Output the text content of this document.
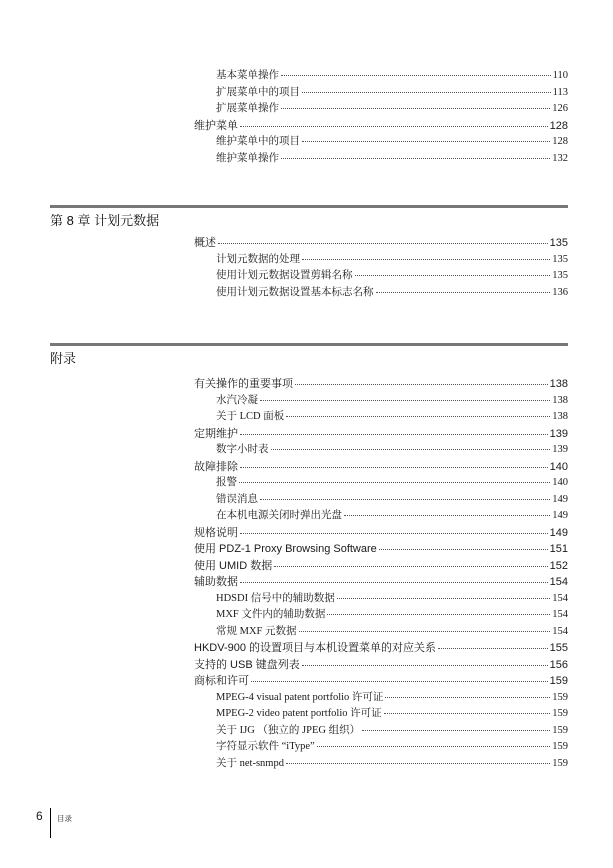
基本菜单操作	110
扩展菜单中的项目	113
扩展菜单操作	126
维护菜单	128
维护菜单中的项目	128
维护菜单操作	132
第 8 章 计划元数据
概述	135
计划元数据的处理	135
使用计划元数据设置剪辑名称	135
使用计划元数据设置基本标志名称	136
附录
有关操作的重要事项	138
水汽冷凝	138
关于 LCD 面板	138
定期维护	139
数字小时表	139
故障排除	140
报警	140
错误消息	149
在本机电源关闭时弹出光盘	149
规格说明	149
使用 PDZ-1 Proxy Browsing Software	151
使用 UMID 数据	152
辅助数据	154
HDSDI 信号中的辅助数据	154
MXF 文件内的辅助数据	154
常规 MXF 元数据	154
HKDV-900 的设置项目与本机设置菜单的对应关系	155
支持的 USB 键盘列表	156
商标和许可	159
MPEG-4 visual patent portfolio 许可证	159
MPEG-2 video patent portfolio 许可证	159
关于 IJG （独立的 JPEG 组织）	159
字符显示软件 “iType”	159
关于 net-snmpd	159
6 目录
